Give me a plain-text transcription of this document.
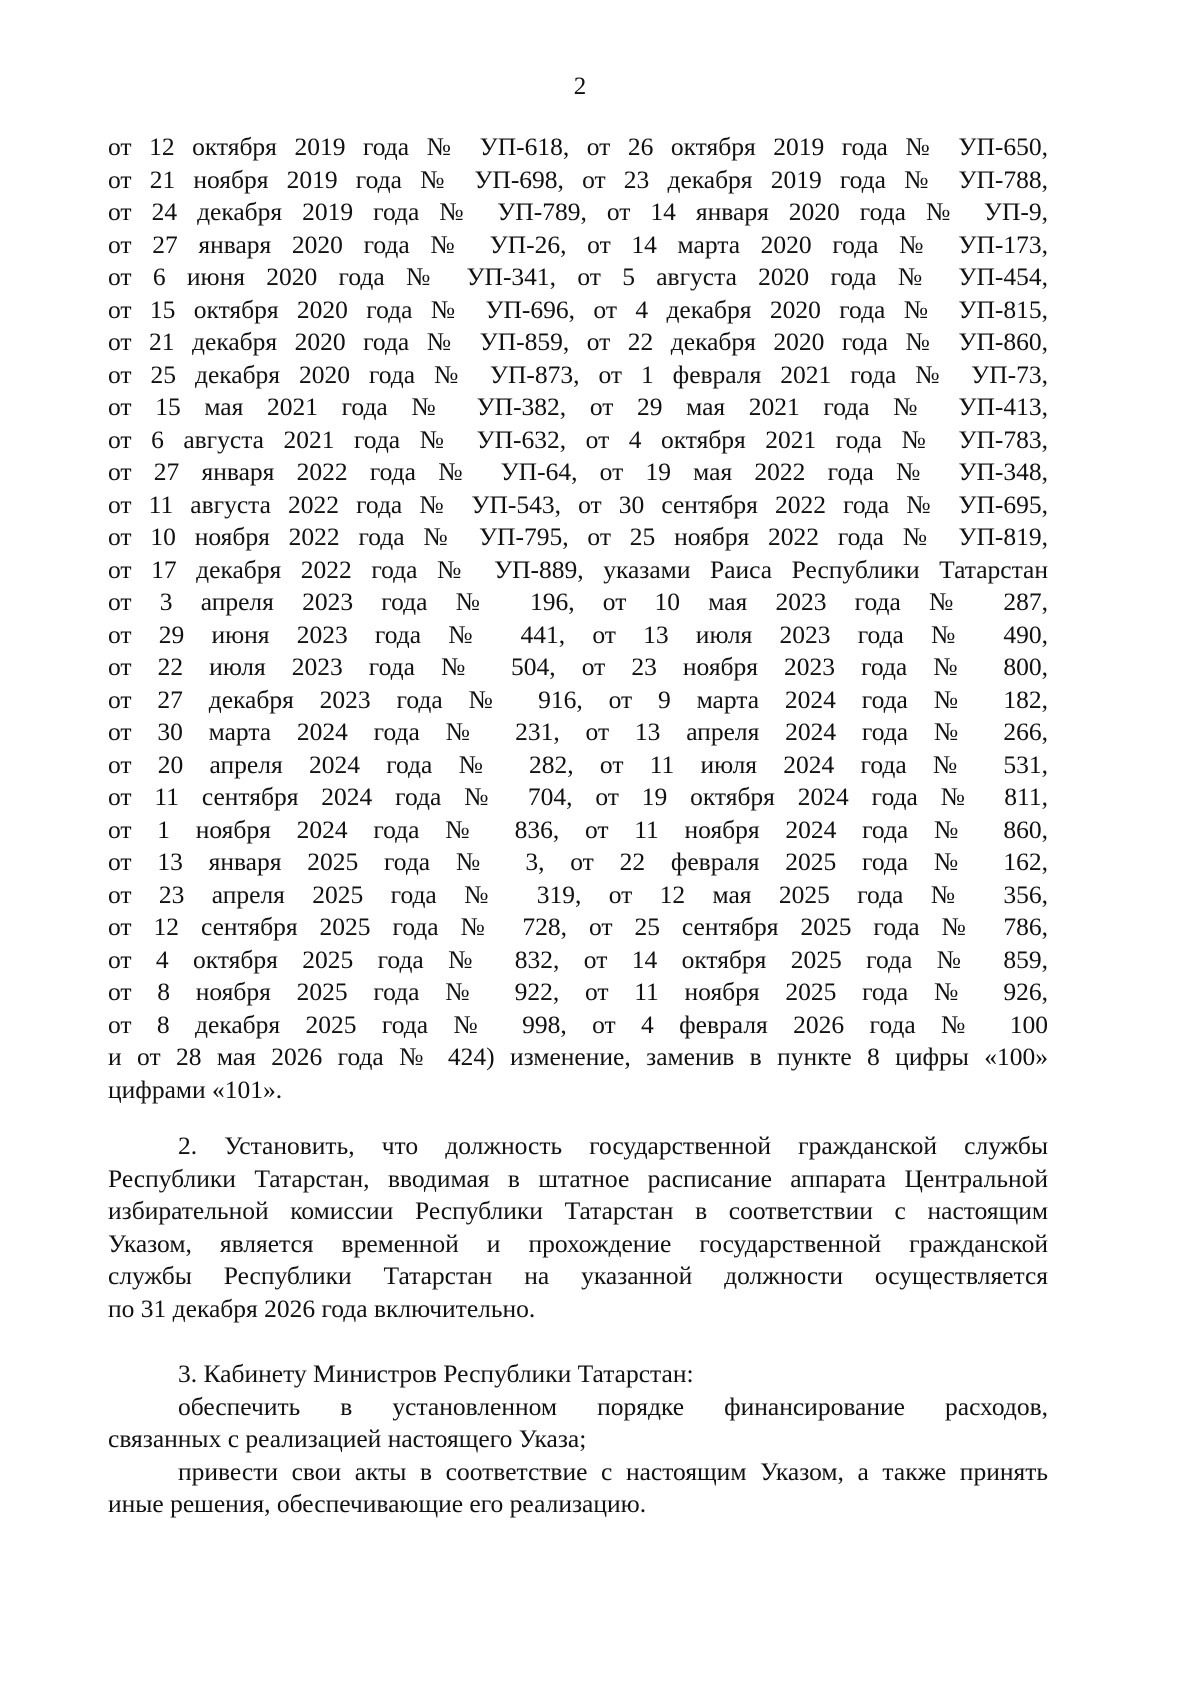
2
от 12 октября 2019 года № УП-618, от 26 октября 2019 года № УП-650,
от 21 ноября 2019 года № УП-698, от 23 декабря 2019 года № УП-788,
от 24 декабря 2019 года № УП-789, от 14 января 2020 года № УП-9,
от 27 января 2020 года № УП-26, от 14 марта 2020 года № УП-173,
от 6 июня 2020 года № УП-341, от 5 августа 2020 года № УП-454,
от 15 октября 2020 года № УП-696, от 4 декабря 2020 года № УП-815,
от 21 декабря 2020 года № УП-859, от 22 декабря 2020 года № УП-860,
от 25 декабря 2020 года № УП-873, от 1 февраля 2021 года № УП-73,
от 15 мая 2021 года № УП-382, от 29 мая 2021 года № УП-413,
от 6 августа 2021 года № УП-632, от 4 октября 2021 года № УП-783,
от 27 января 2022 года № УП-64, от 19 мая 2022 года № УП-348,
от 11 августа 2022 года № УП-543, от 30 сентября 2022 года № УП-695,
от 10 ноября 2022 года № УП-795, от 25 ноября 2022 года № УП-819,
от 17 декабря 2022 года № УП-889, указами Раиса Республики Татарстан
от 3 апреля 2023 года № 196, от 10 мая 2023 года № 287,
от 29 июня 2023 года № 441, от 13 июля 2023 года № 490,
от 22 июля 2023 года № 504, от 23 ноября 2023 года № 800,
от 27 декабря 2023 года № 916, от 9 марта 2024 года № 182,
от 30 марта 2024 года № 231, от 13 апреля 2024 года № 266,
от 20 апреля 2024 года № 282, от 11 июля 2024 года № 531,
от 11 сентября 2024 года № 704, от 19 октября 2024 года № 811,
от 1 ноября 2024 года № 836, от 11 ноября 2024 года № 860,
от 13 января 2025 года № 3, от 22 февраля 2025 года № 162,
от 23 апреля 2025 года № 319, от 12 мая 2025 года № 356,
от 12 сентября 2025 года № 728, от 25 сентября 2025 года № 786,
от 4 октября 2025 года № 832, от 14 октября 2025 года № 859,
от 8 ноября 2025 года № 922, от 11 ноября 2025 года № 926,
от 8 декабря 2025 года № 998, от 4 февраля 2026 года № 100
и от 28 мая 2026 года № 424) изменение, заменив в пункте 8 цифры «100»
цифрами «101».
2. Установить, что должность государственной гражданской службы
Республики Татарстан, вводимая в штатное расписание аппарата Центральной
избирательной комиссии Республики Татарстан в соответствии с настоящим
Указом, является временной и прохождение государственной гражданской
службы Республики Татарстан на указанной должности осуществляется
по 31 декабря 2026 года включительно.
3. Кабинету Министров Республики Татарстан:
обеспечить в установленном порядке финансирование расходов,
связанных с реализацией настоящего Указа;
привести свои акты в соответствие с настоящим Указом, а также принять
иные решения, обеспечивающие его реализацию.
